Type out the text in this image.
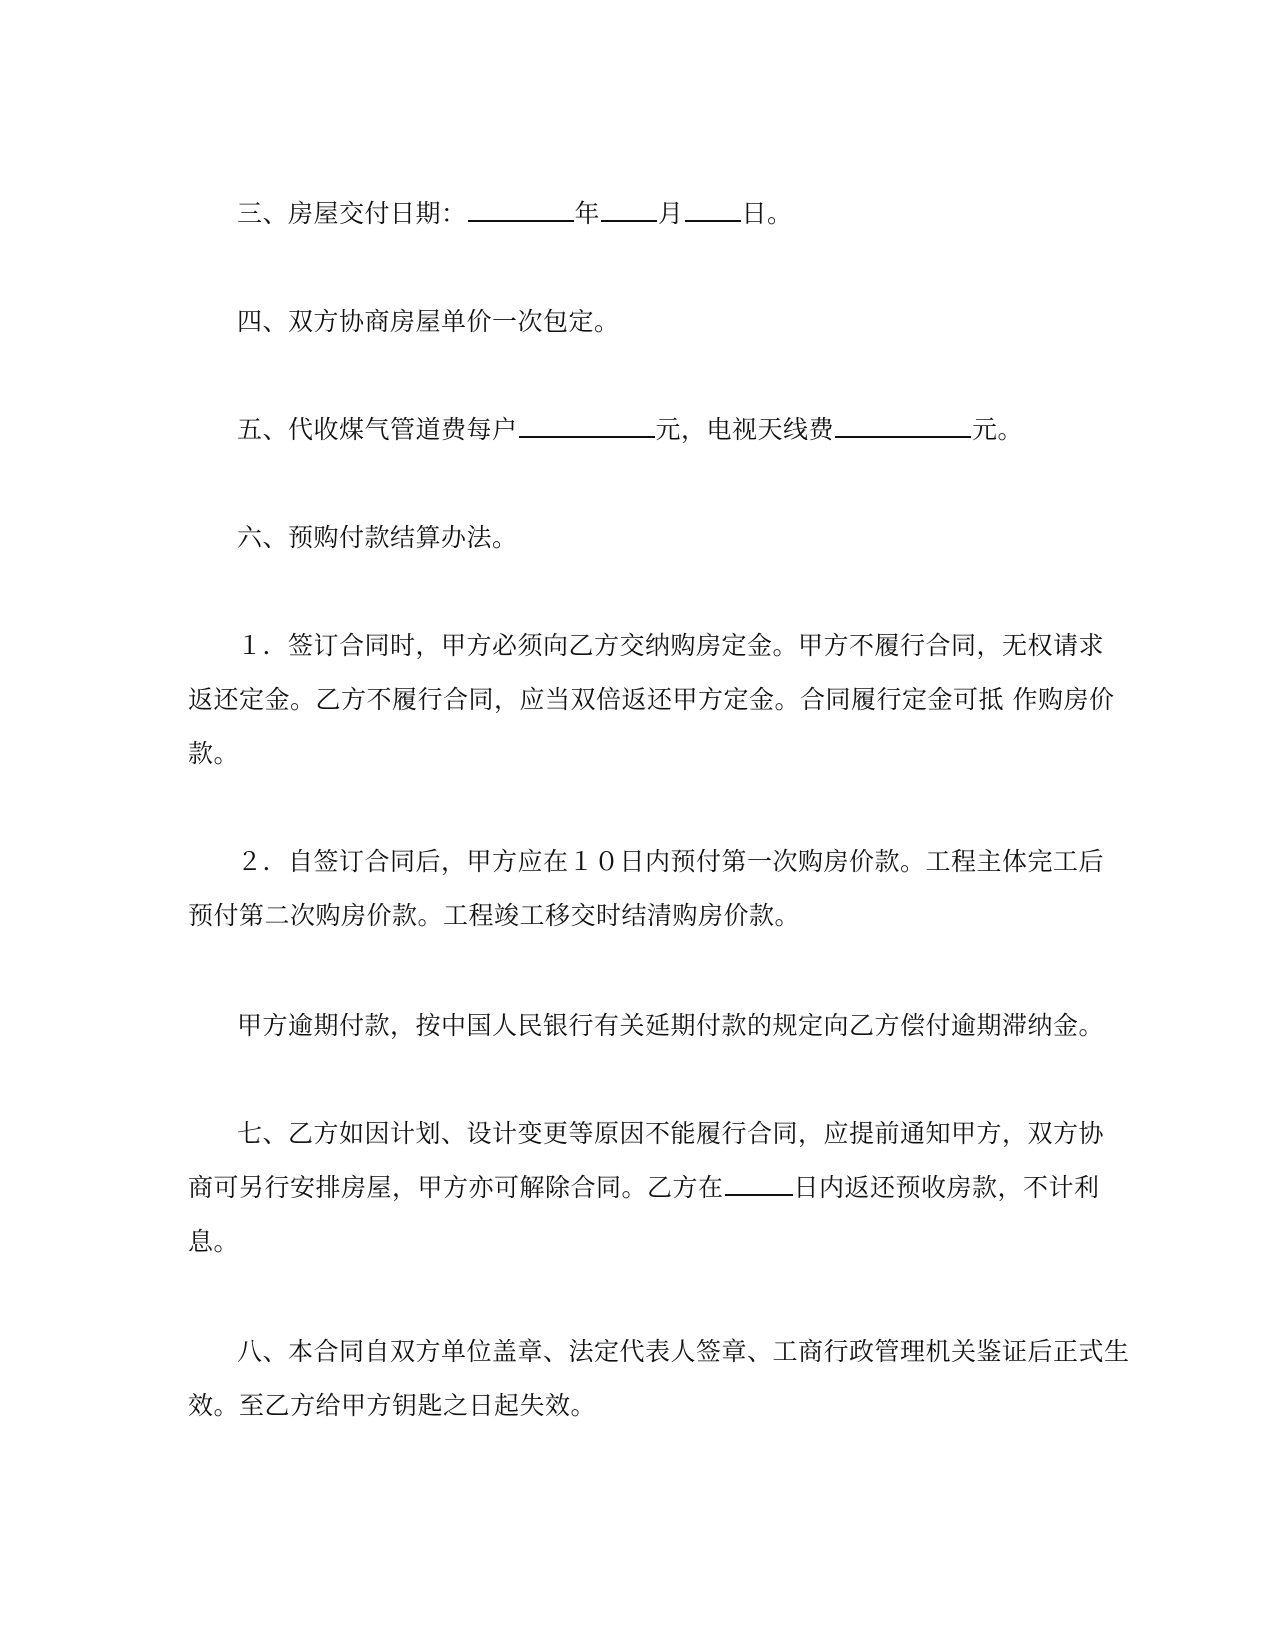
三、房屋交付日期：	年 月 日。
四、双方协商房屋单价一次包定。
五、代收煤气管道费每户	元，电视天线费	元。
六、预购付款结算办法。
１．签订合同时，甲方必须向乙方交纳购房定金。甲方不履行合同，无权请求
返还定金。乙方不履行合同，应当双倍返还甲方定金。合同履行定金可抵 作购房价
款。
２．自签订合同后，甲方应在１０日内预付第一次购房价款。工程主体完工后
预付第二次购房价款。工程竣工移交时结清购房价款。
甲方逾期付款，按中国人民银行有关延期付款的规定向乙方偿付逾期滞纳金。
七、乙方如因计划、设计变更等原因不能履行合同，应提前通知甲方，双方协
商可另行安排房屋，甲方亦可解除合同。乙方在	日内返还预收房款，不计利
息。
八、本合同自双方单位盖章、法定代表人签章、工商行政管理机关鉴证后正式生
效。至乙方给甲方钥匙之日起失效。
